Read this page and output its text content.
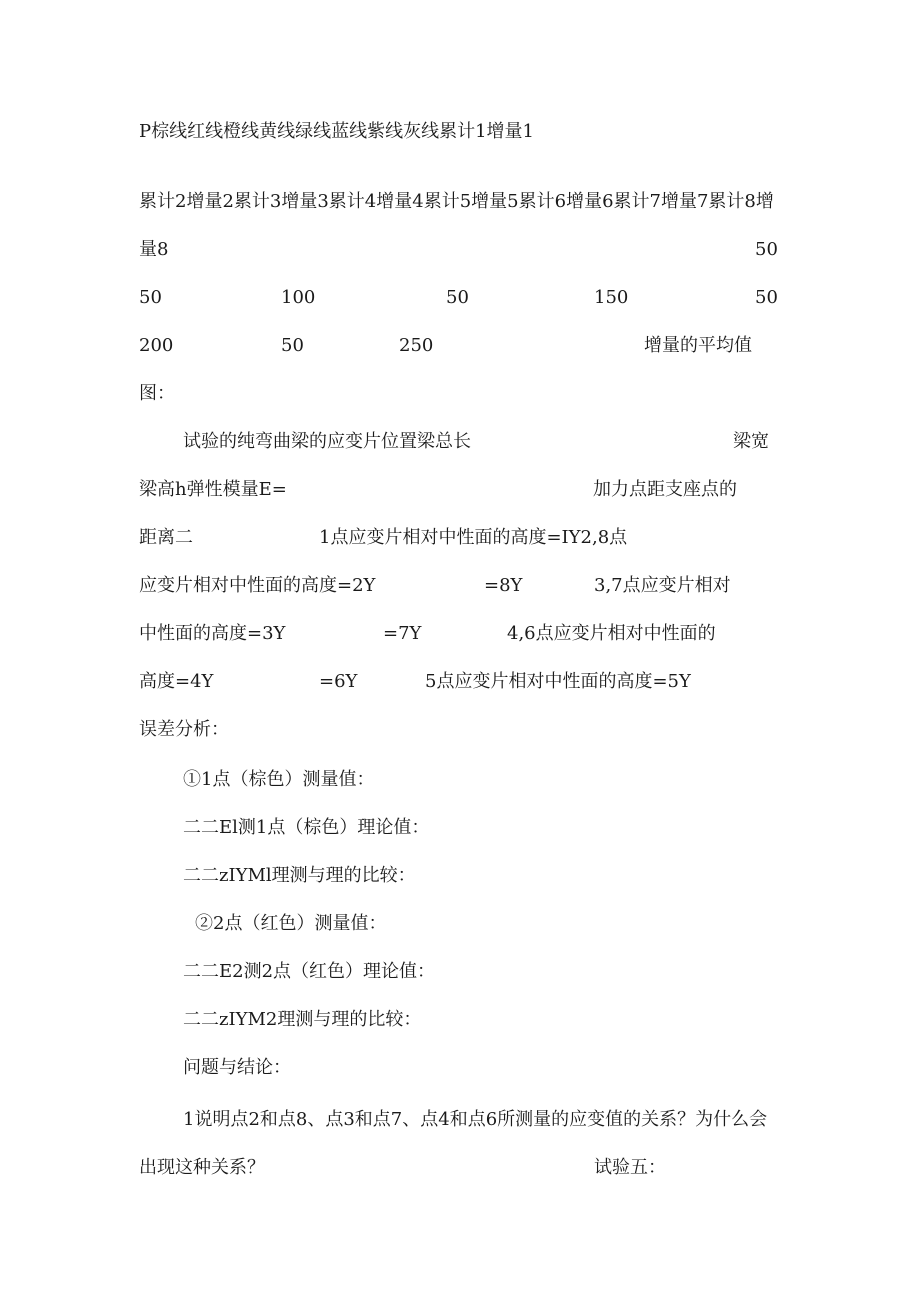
P棕线红线橙线黄线绿线蓝线紫线灰线累计1增量1
累计2增量2累计3增量3累计4增量4累计5增量5累计6增量6累计7增量7累计8增
量8	50
50	100	50	150	50
200	50	250	增量的平均值
图：
试验的纯弯曲梁的应变片位置梁总长	梁宽
梁高h弹性模量E=	加力点距支座点的
距离二	1点应变片相对中性面的高度=IY2,8点
应变片相对中性面的高度=2Y	=8Y	3,7点应变片相对
中性面的高度=3Y	=7Y	4,6点应变片相对中性面的
高度=4Y	=6Y	5点应变片相对中性面的高度=5Y
误差分析：
①1点（棕色）测量值：
二二El测1点（棕色）理论值：
二二zIYMl理测与理的比较：
②2点（红色）测量值：
二二E2测2点（红色）理论值：
二二zIYM2理测与理的比较：
问题与结论：
1说明点2和点8、点3和点7、点4和点6所测量的应变值的关系？为什么会
出现这种关系？	试验五：
